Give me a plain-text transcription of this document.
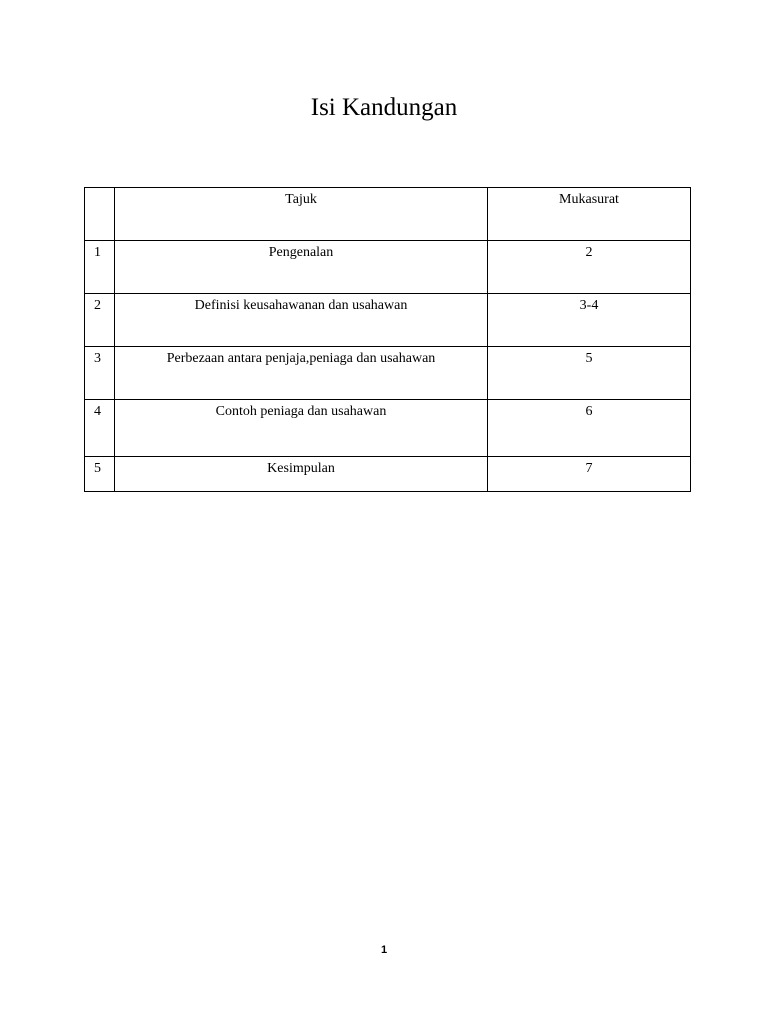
Isi Kandungan
	Tajuk	Mukasurat
1	Pengenalan	2
2	Definisi keusahawanan dan usahawan	3-4
3	Perbezaan antara penjaja,peniaga dan usahawan	5
4	Contoh peniaga dan usahawan	6
5	Kesimpulan	7
1
